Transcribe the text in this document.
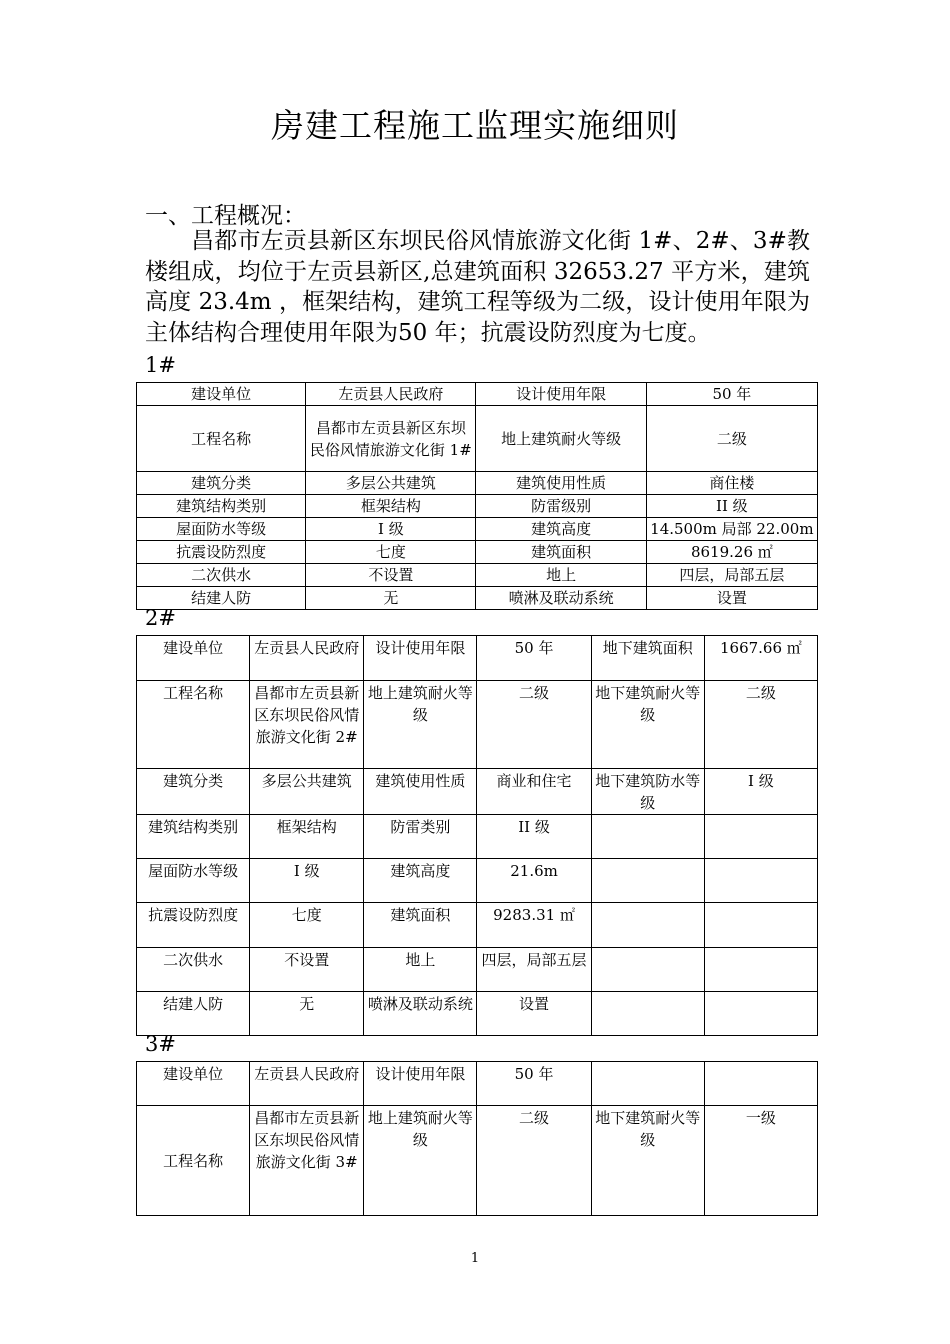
房建工程施工监理实施细则
一、工程概况：
昌都市左贡县新区东坝民俗风情旅游文化街 1#、2#、3#教楼组成，均位于左贡县新区,总建筑面积 32653.27 平方米，建筑高度 23.4m ，框架结构，建筑工程等级为二级，设计使用年限为主体结构合理使用年限为50 年；抗震设防烈度为七度。
1#
建设单位	左贡县人民政府	设计使用年限	50 年
工程名称	昌都市左贡县新区东坝民俗风情旅游文化街 1#	地上建筑耐火等级	二级
建筑分类	多层公共建筑	建筑使用性质	商住楼
建筑结构类别	框架结构	防雷级别	II 级
屋面防水等级	I 级	建筑高度	14.500m 局部 22.00m
抗震设防烈度	七度	建筑面积	8619.26 ㎡
二次供水	不设置	地上	四层，局部五层
结建人防	无	喷淋及联动系统	设置
2#
建设单位	左贡县人民政府	设计使用年限	50 年	地下建筑面积	1667.66 ㎡
工程名称	昌都市左贡县新区东坝民俗风情旅游文化街 2#	地上建筑耐火等级	二级	地下建筑耐火等级	二级
建筑分类	多层公共建筑	建筑使用性质	商业和住宅	地下建筑防水等级	I 级
建筑结构类别	框架结构	防雷类别	II 级		
屋面防水等级	I 级	建筑高度	21.6m		
抗震设防烈度	七度	建筑面积	9283.31 ㎡		
二次供水	不设置	地上	四层，局部五层		
结建人防	无	喷淋及联动系统	设置		
3#
建设单位	左贡县人民政府	设计使用年限	50 年		
工程名称	昌都市左贡县新区东坝民俗风情旅游文化街 3#	地上建筑耐火等级	二级	地下建筑耐火等级	一级
1
